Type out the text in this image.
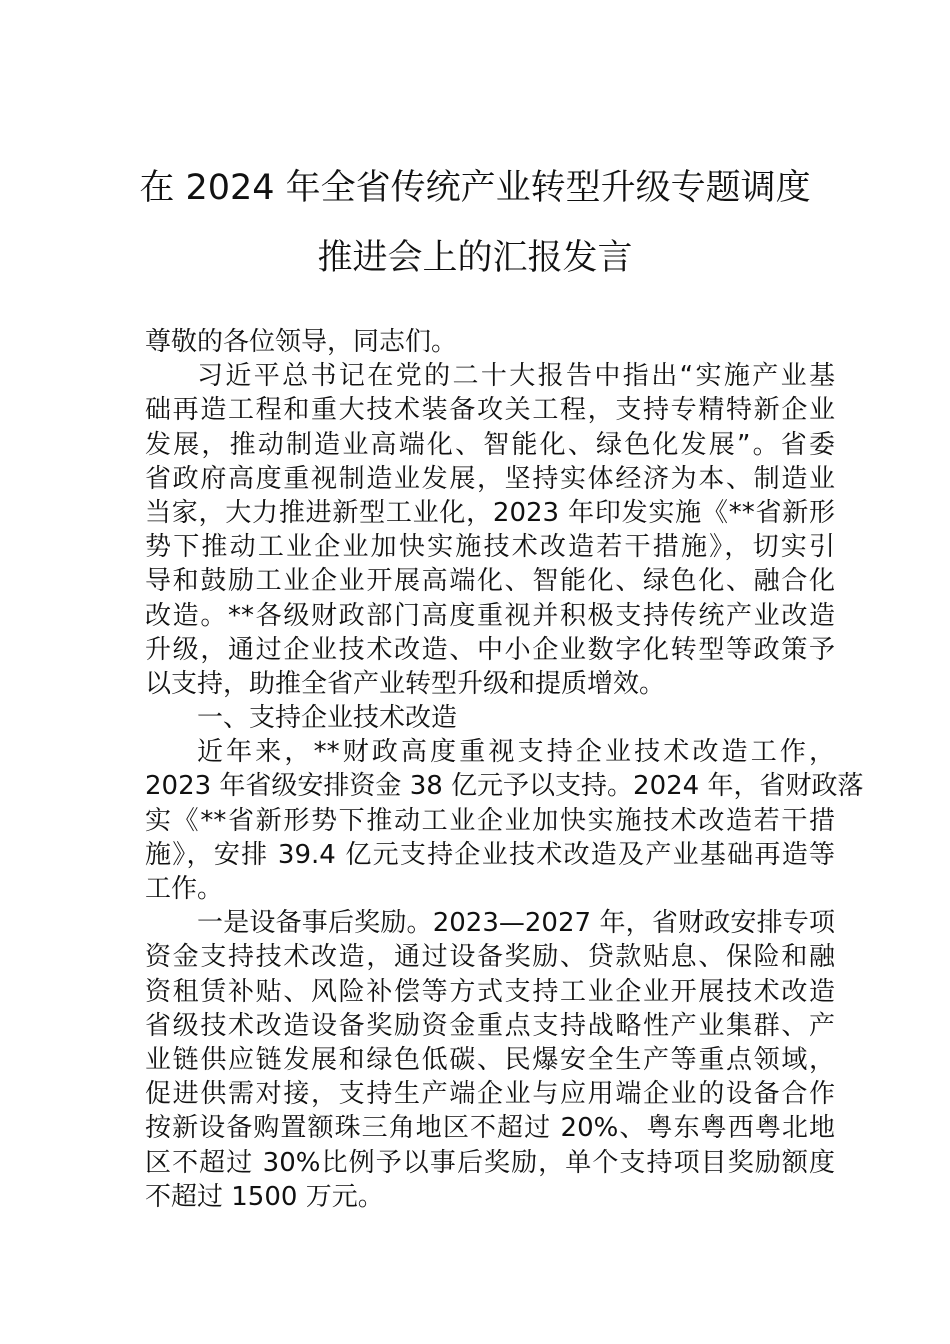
在 2024 年全省传统产业转型升级专题调度
推进会上的汇报发言
尊敬的各位领导，同志们。
习近平总书记在党的二十大报告中指出“实施产业基
础再造工程和重大技术装备攻关工程，支持专精特新企业
发展，推动制造业高端化、智能化、绿色化发展”。省委
省政府高度重视制造业发展，坚持实体经济为本、制造业
当家，大力推进新型工业化，2023 年印发实施《**省新形
势下推动工业企业加快实施技术改造若干措施》，切实引
导和鼓励工业企业开展高端化、智能化、绿色化、融合化
改造。**各级财政部门高度重视并积极支持传统产业改造
升级，通过企业技术改造、中小企业数字化转型等政策予
以支持，助推全省产业转型升级和提质增效。
一、支持企业技术改造
近年来，**财政高度重视支持企业技术改造工作，
2023 年省级安排资金 38 亿元予以支持。2024 年，省财政落
实《**省新形势下推动工业企业加快实施技术改造若干措
施》，安排 39.4 亿元支持企业技术改造及产业基础再造等
工作。
一是设备事后奖励。2023—2027 年，省财政安排专项
资金支持技术改造，通过设备奖励、贷款贴息、保险和融
资租赁补贴、风险补偿等方式支持工业企业开展技术改造
省级技术改造设备奖励资金重点支持战略性产业集群、产
业链供应链发展和绿色低碳、民爆安全生产等重点领域，
促进供需对接，支持生产端企业与应用端企业的设备合作
按新设备购置额珠三角地区不超过 20%、粤东粤西粤北地
区不超过 30%比例予以事后奖励，单个支持项目奖励额度
不超过 1500 万元。
